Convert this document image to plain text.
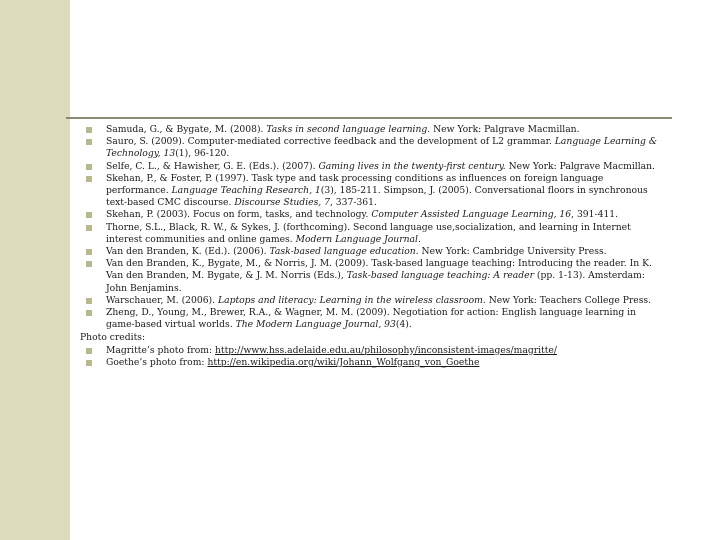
Samuda, G., & Bygate, M. (2008). Tasks in second language learning. New York: Palgrave Macmillan.
Sauro, S. (2009). Computer-mediated corrective feedback and the development of L2 grammar. Language Learning & Technology, 13(1), 96-120.
Selfe, C. L., & Hawisher, G. E. (Eds.). (2007). Gaming lives in the twenty-first century. New York: Palgrave Macmillan.
Skehan, P., & Foster, P. (1997). Task type and task processing conditions as influences on foreign language performance. Language Teaching Research, 1(3), 185-211. Simpson, J. (2005). Conversational floors in synchronous text-based CMC discourse. Discourse Studies, 7, 337-361.
Skehan, P. (2003). Focus on form, tasks, and technology. Computer Assisted Language Learning, 16, 391-411.
Thorne, S.L., Black, R. W., & Sykes, J. (forthcoming). Second language use,socialization, and learning in Internet interest communities and online games. Modern Language Journal.
Van den Branden, K. (Ed.). (2006). Task-based language education. New York: Cambridge University Press.
Van den Branden, K., Bygate, M., & Norris, J. M. (2009). Task-based language teaching: Introducing the reader. In K. Van den Branden, M. Bygate, & J. M. Norris (Eds.), Task-based language teaching: A reader (pp. 1-13). Amsterdam: John Benjamins.
Warschauer, M. (2006). Laptops and literacy: Learning in the wireless classroom. New York: Teachers College Press.
Zheng, D., Young, M., Brewer, R.A., & Wagner, M. M. (2009). Negotiation for action: English language learning in game-based virtual worlds. The Modern Language Journal, 93(4).
Photo credits:
Magritte’s photo from: http://www.hss.adelaide.edu.au/philosophy/inconsistent-images/magritte/
Goethe’s photo from: http://en.wikipedia.org/wiki/Johann_Wolfgang_von_Goethe
